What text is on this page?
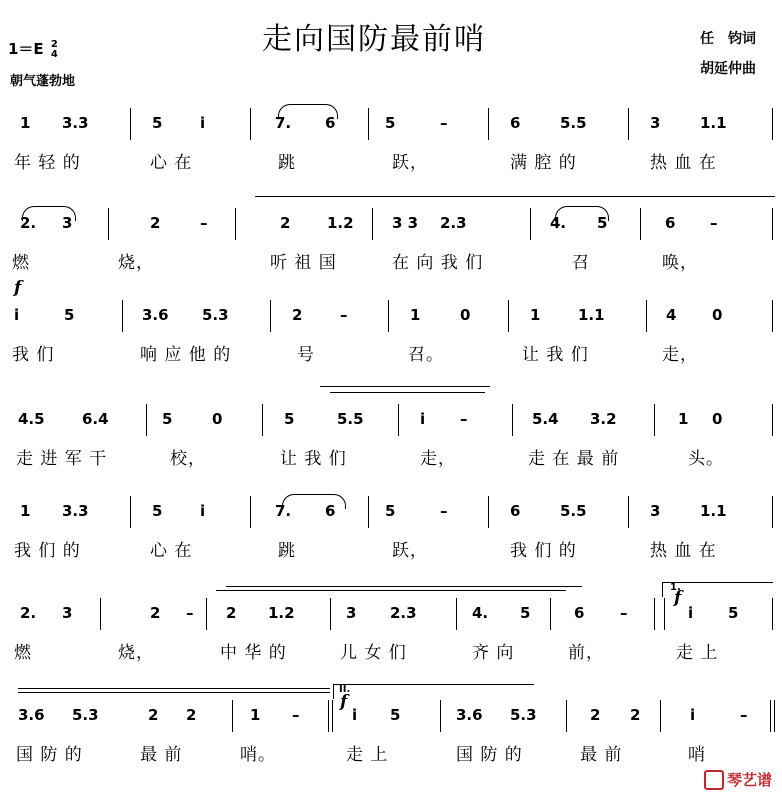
走向国防最前哨
1＝E 2
4
朝气蓬勃地
任　钧词
胡延仲曲
1 3.3	5	i	7. 6	5	–	6	5.5	3	1.1
年 轻 的	心 在	跳	跃，	满 腔 的	热 血 在
2. 3	2	–	2 1.2	3 3 2.3	4. 5	6 –
燃	烧，	听 祖 国	在 向 我 们	召	唤，
i	5	3.6 5.3	2	–	1	0	1	1.1	4 0
我 们	响 应 他 的	号	召。	让 我 们	走，
f
4.5 6.4	5	0	5	5.5	i –	5.4 3.2	1 0
走 进 军 干	校，	让 我 们	走，	走 在 最 前	头。
1 3.3	5	i	7. 6	5	–	6	5.5	3	1.1
我 们 的	心 在	跳	跃，	我 们 的	热 血 在
2. 3	2 – 2 1.2	3 2.3	4. 5	6 –	i 5
燃	烧，	中 华 的	儿 女 们	齐 向	前，	走 上
f
1.
3.6 5.3	2 2	1 –	i 5	3.6 5.3	2 2	i	–
国 防 的	最 前	哨。	走 上	国 防 的	最 前	哨
f
II.
琴艺谱
